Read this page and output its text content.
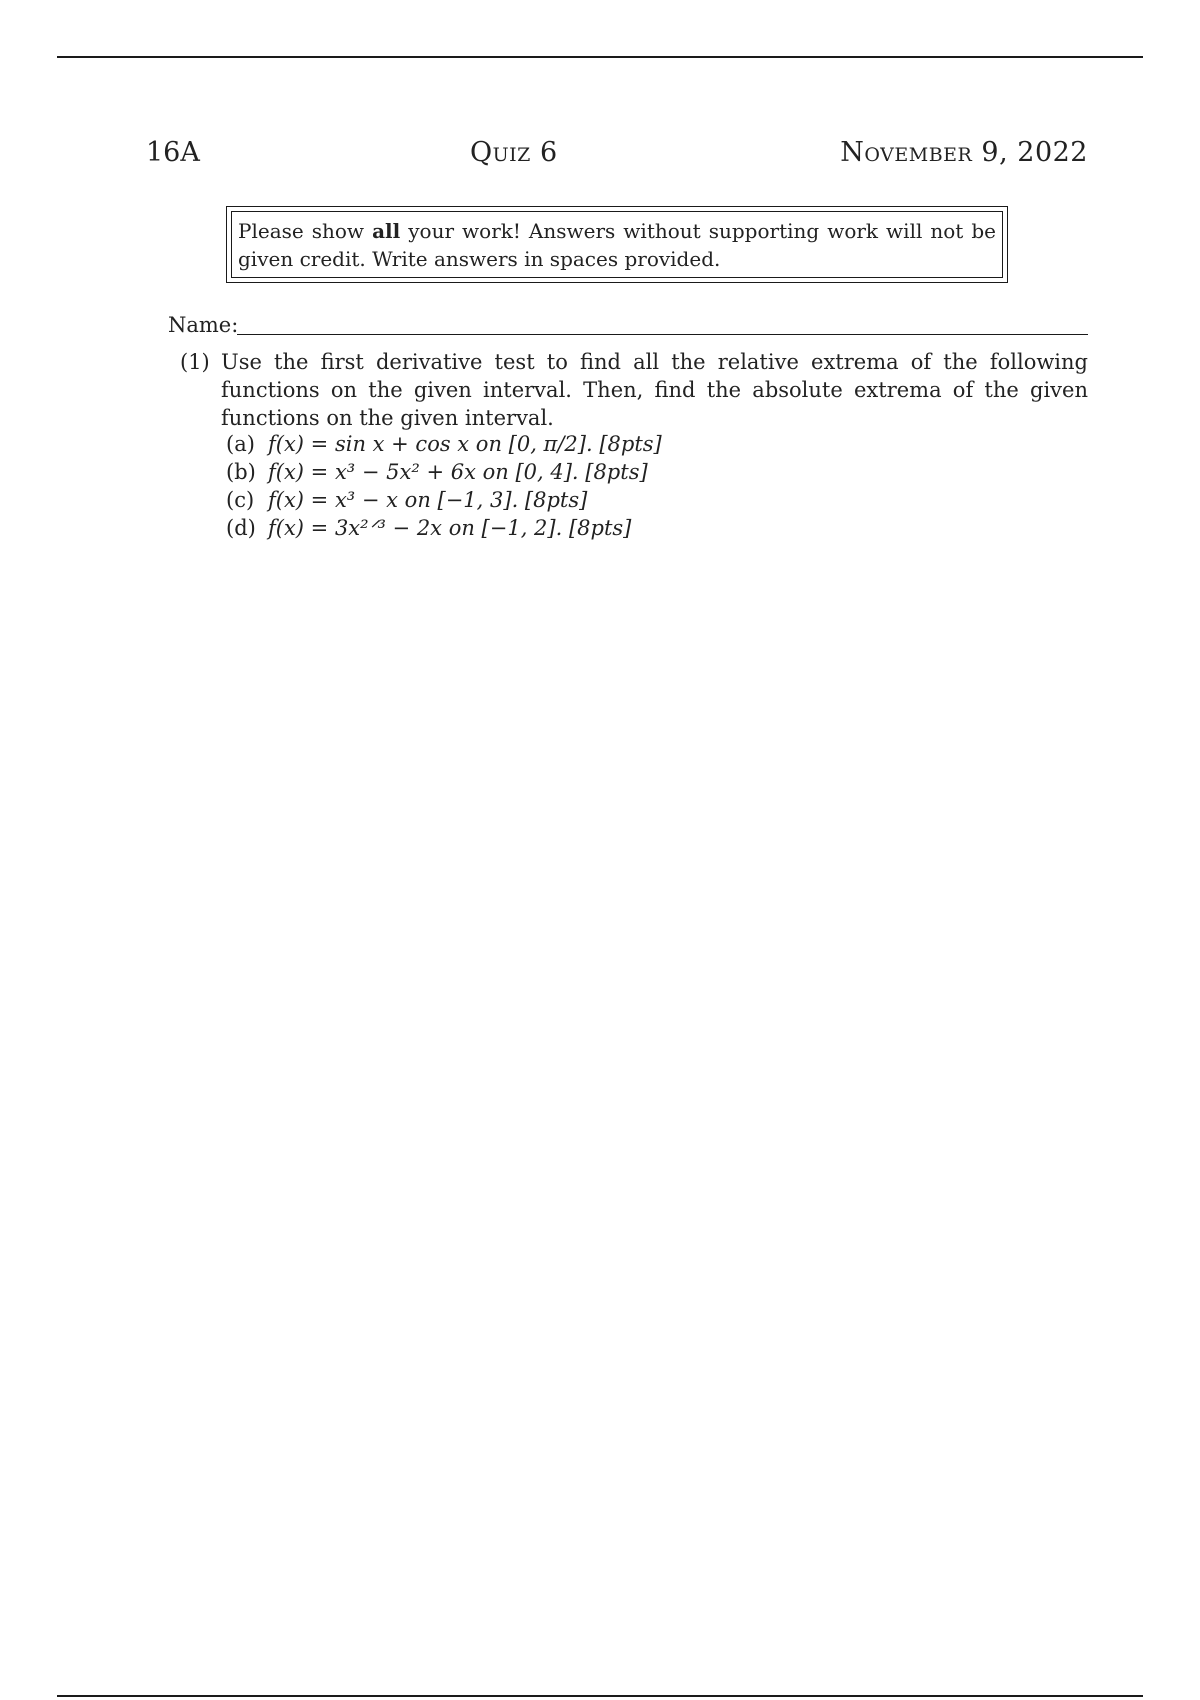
16A	Quiz 6	November 9, 2022
Please show all your work! Answers without supporting work will not be given credit. Write answers in spaces provided.
Name:
(1) Use the first derivative test to find all the relative extrema of the following functions on the given interval. Then, find the absolute extrema of the given functions on the given interval.
(a) f(x) = sin x + cos x on [0, π/2]. [8pts]
(b) f(x) = x³ − 5x² + 6x on [0, 4]. [8pts]
(c) f(x) = x³ − x on [−1, 3]. [8pts]
(d) f(x) = 3x²ᐟ³ − 2x on [−1, 2]. [8pts]
